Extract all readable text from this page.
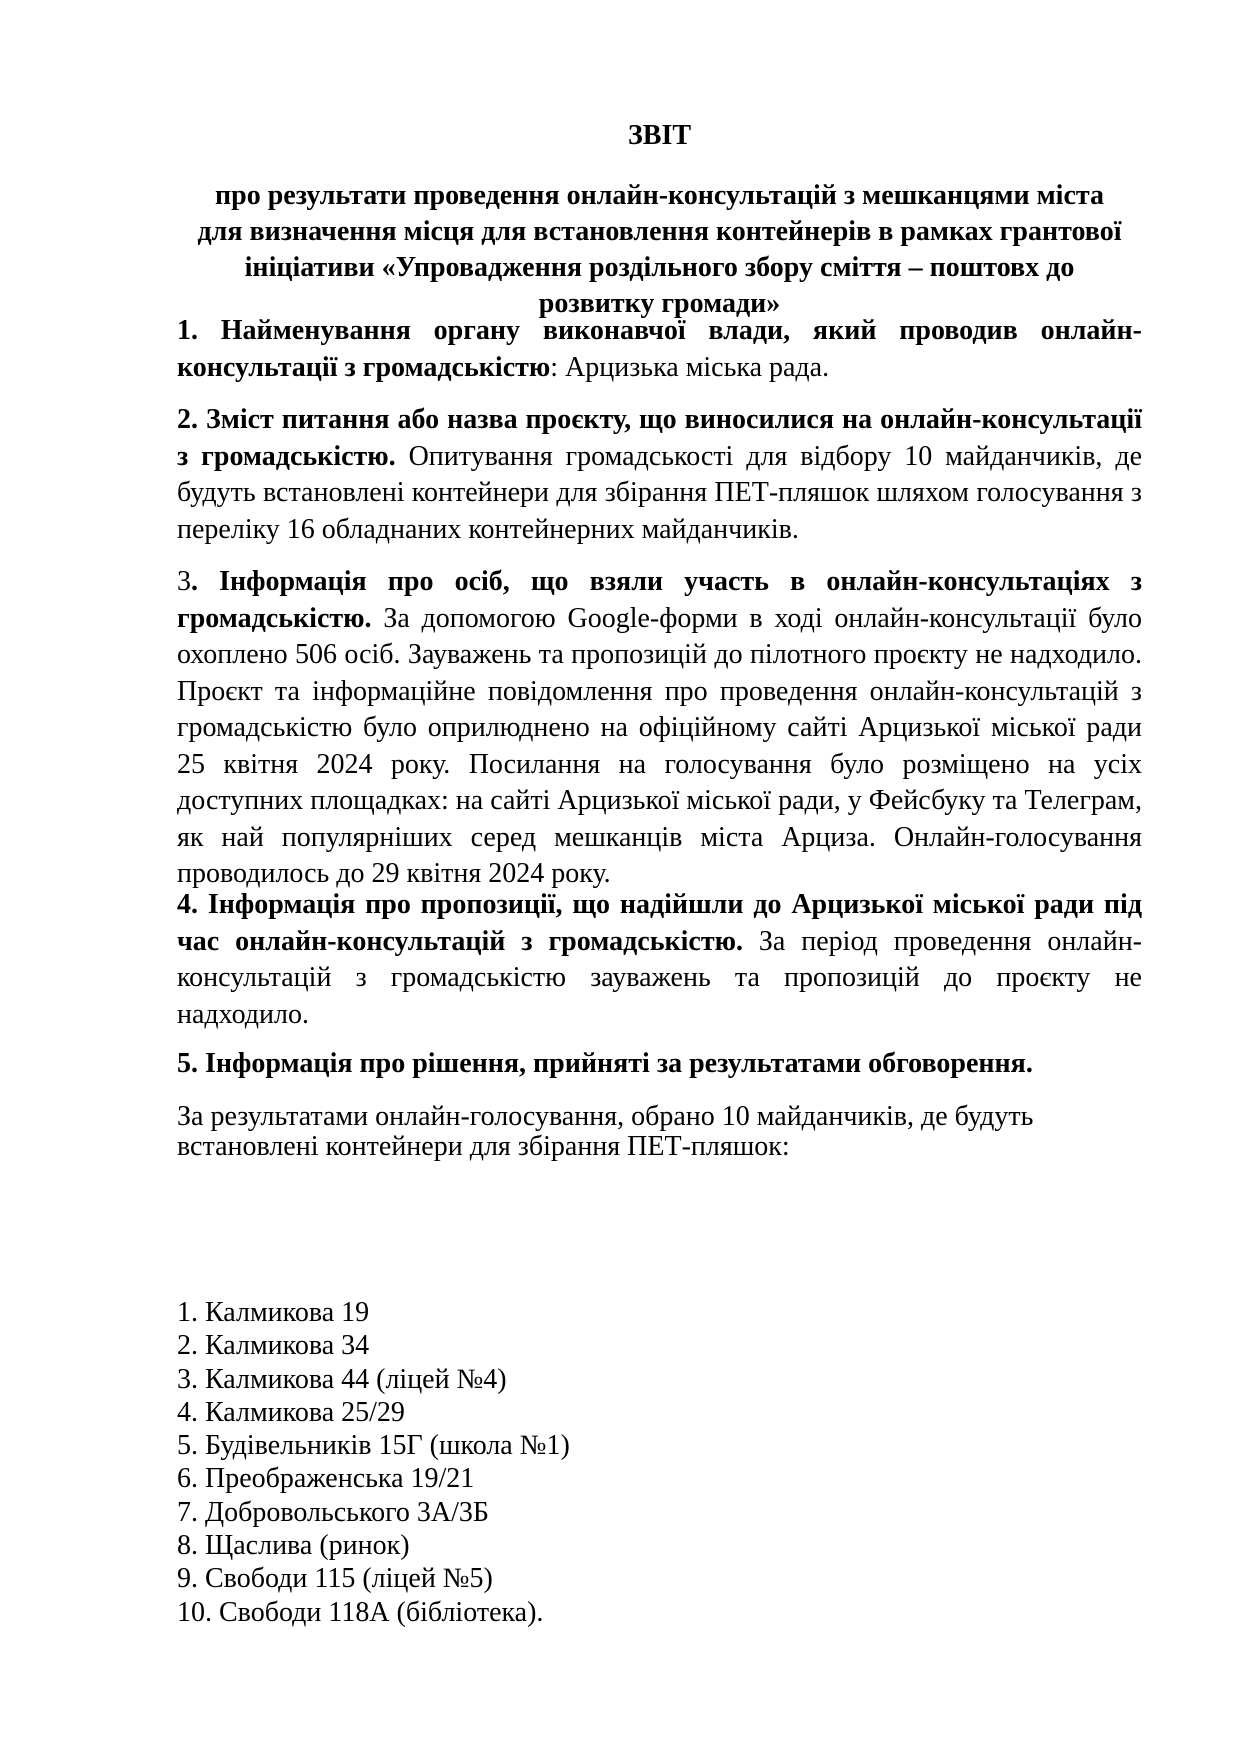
ЗВІТ
про результати проведення онлайн-консультацій з мешканцями міста
для визначення місця для встановлення контейнерів в рамках грантової
ініціативи «Упровадження роздільного збору сміття – поштовх до
розвитку громади»

1. Найменування органу виконавчої влади, який проводив онлайн-консультації з громадськістю: Арцизька міська рада.

2. Зміст питання або назва проєкту, що виносилися на онлайн-консультації з громадськістю. Опитування громадськості для відбору 10 майданчиків, де будуть встановлені контейнери для збірання ПЕТ-пляшок шляхом голосування з переліку 16 обладнаних контейнерних майданчиків.

3. Інформація про осіб, що взяли участь в онлайн-консультаціях з громадськістю. За допомогою Google-форми в ході онлайн-консультації було охоплено 506 осіб. Зауважень та пропозицій до пілотного проєкту не надходило. Проєкт та інформаційне повідомлення про проведення онлайн-консультацій з громадськістю було оприлюднено на офіційному сайті Арцизької міської ради 25 квітня 2024 року. Посилання на голосування було розміщено на усіх доступних площадках: на сайті Арцизької міської ради, у Фейсбуку та Телеграм, як най популярніших серед мешканців міста Арциза. Онлайн-голосування проводилось до 29 квітня 2024 року.

4. Інформація про пропозиції, що надійшли до Арцизької міської ради під час онлайн-консультацій з громадськістю. За період проведення онлайн-консультацій з громадськістю зауважень та пропозицій до проєкту не надходило.

5. Інформація про рішення, прийняті за результатами обговорення.

За результатами онлайн-голосування, обрано 10 майданчиків, де будуть
встановлені контейнери для збірання ПЕТ-пляшок:

1. Калмикова 19
2. Калмикова 34
3. Калмикова 44 (ліцей №4)
4. Калмикова 25/29
5. Будівельників 15Г (школа №1)
6. Преображенська 19/21
7. Добровольського 3А/3Б
8. Щаслива (ринок)
9. Свободи 115 (ліцей №5)
10. Свободи 118А (бібліотека).
